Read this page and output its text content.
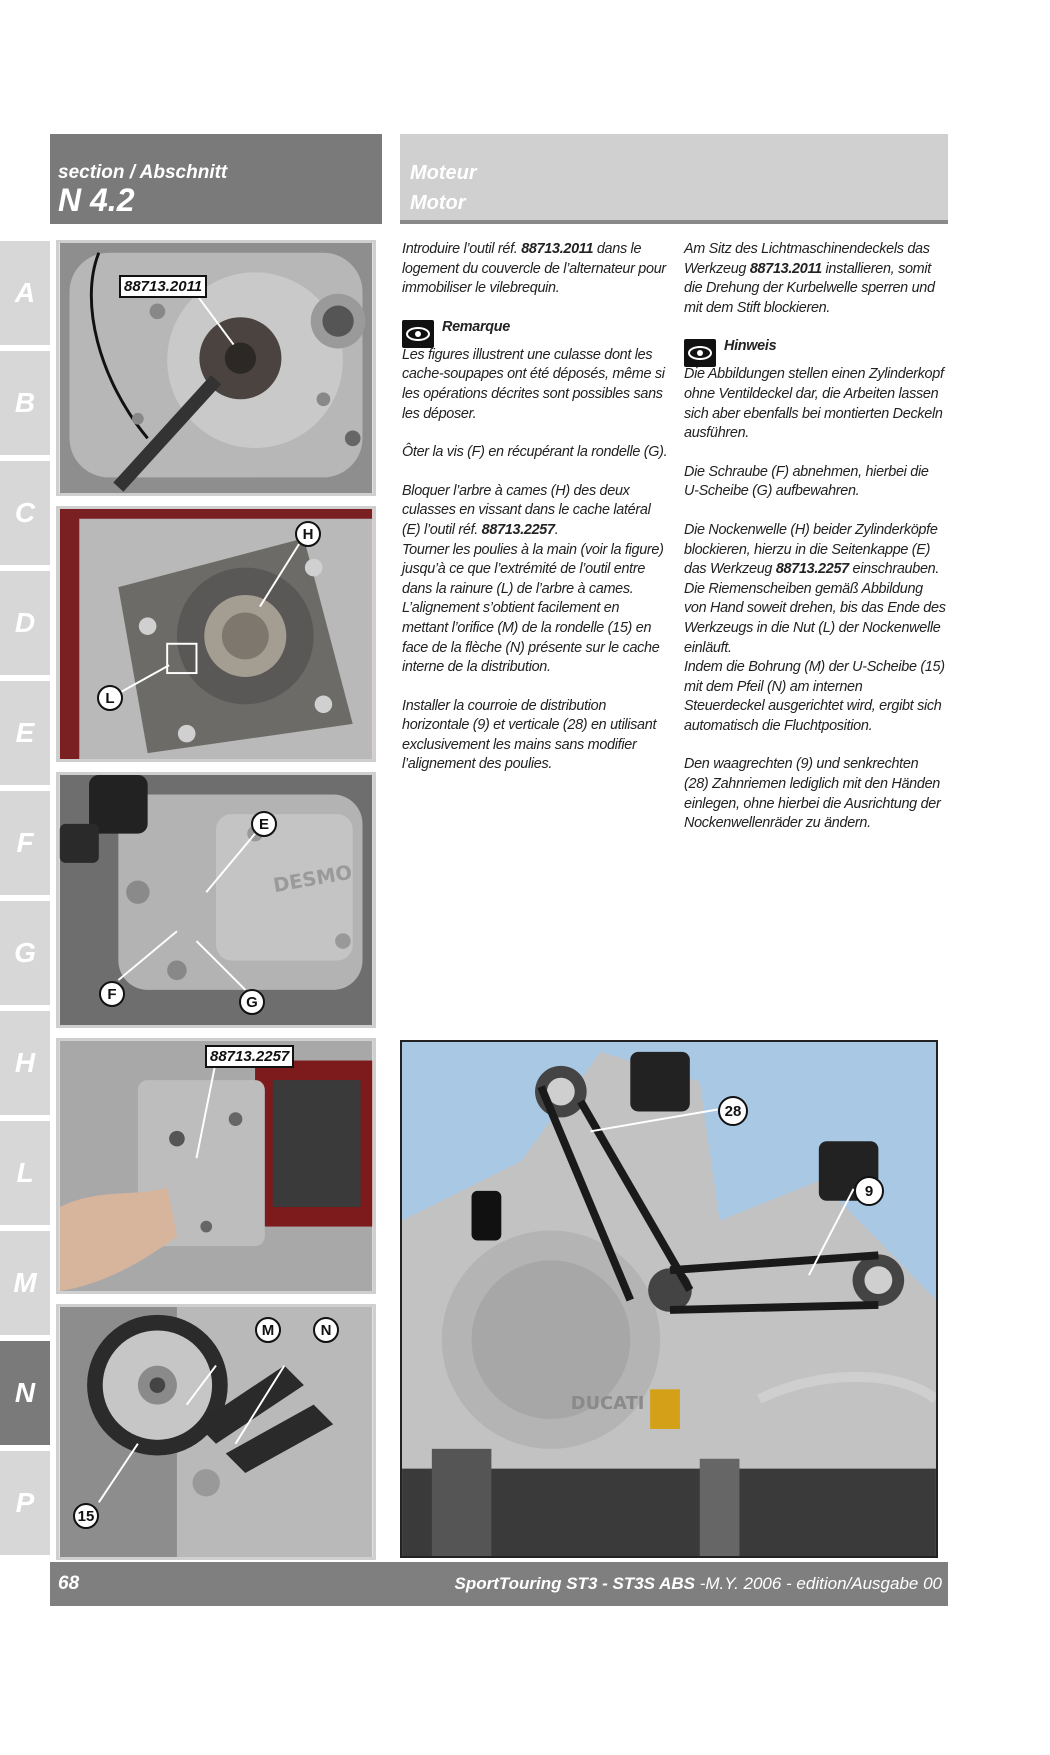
section / Abschnitt
N 4.2
Moteur
Motor
A
B
C
D
E
F
G
H
L
M
N
P
88713.2011
H
L
DESMO
E
F	G
88713.2257
M	N
15

Introduire l’outil réf. 88713.2011 dans le logement du couvercle de l’alternateur pour immobiliser le vilebrequin.

Remarque

Les figures illustrent une culasse dont les cache-soupapes ont été déposés, même si les opérations décrites sont possibles sans les déposer.

Ôter la vis (F) en récupérant la rondelle (G).

Bloquer l’arbre à cames (H) des deux culasses en vissant dans le cache latéral (E) l’outil réf. 88713.2257.

Tourner les poulies à la main (voir la figure) jusqu’à ce que l’extrémité de l’outil entre dans la rainure (L) de l’arbre à cames.

L’alignement s’obtient facilement en mettant l’orifice (M) de la rondelle (15) en face de la flèche (N) présente sur le cache interne de la distribution.

Installer la courroie de distribution horizontale (9) et verticale (28) en utilisant exclusivement les mains sans modifier l’alignement des poulies.

Am Sitz des Lichtmaschinendeckels das Werkzeug 88713.2011 installieren, somit die Drehung der Kurbelwelle sperren und mit dem Stift blockieren.

Hinweis

Die Abbildungen stellen einen Zylinderkopf ohne Ventildeckel dar, die Arbeiten lassen sich aber ebenfalls bei montierten Deckeln ausführen.

Die Schraube (F) abnehmen, hierbei die U-Scheibe (G) aufbewahren.

Die Nockenwelle (H) beider Zylinderköpfe blockieren, hierzu in die Seitenkappe (E) das Werkzeug 88713.2257 einschrauben.

Die Riemenscheiben gemäß Abbildung von Hand soweit drehen, bis das Ende des Werkzeugs in die Nut (L) der Nockenwelle einläuft.

Indem die Bohrung (M) der U-Scheibe (15) mit dem Pfeil (N) am internen Steuerdeckel ausgerichtet wird, ergibt sich automatisch die Fluchtposition.

Den waagrechten (9) und senkrechten (28) Zahnriemen lediglich mit den Händen einlegen, ohne hierbei die Ausrichtung der Nockenwellenräder zu ändern.

DUCATI
28
9
68	SportTouring ST3 - ST3S ABS -M.Y. 2006 - edition/Ausgabe 00
